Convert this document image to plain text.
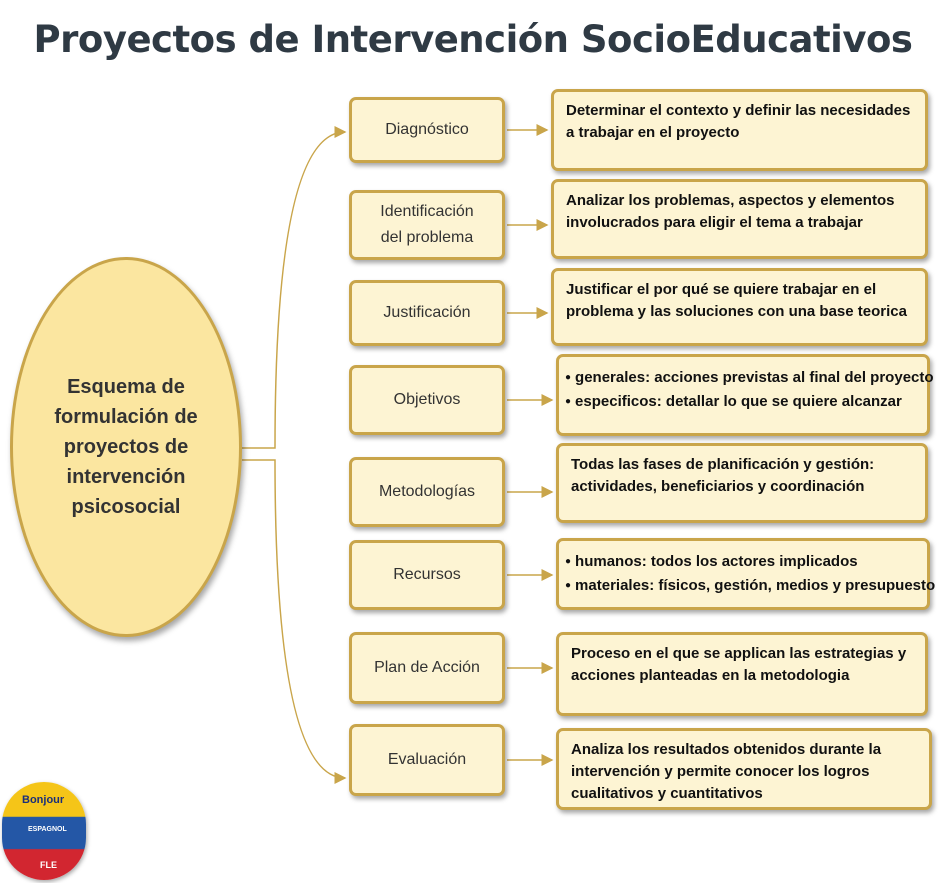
Proyectos de Intervención SocioEducativos
Esquema de
formulación de
proyectos de
intervención
psicosocial
Diagnóstico
Determinar el contexto y definir las necesidades
a trabajar en el proyecto
Identificación
del problema
Analizar los problemas, aspectos y elementos
involucrados para eligir el tema a trabajar
Justificación
Justificar el por qué se quiere trabajar en el
problema y las soluciones con una base teorica
Objetivos
● generales: acciones previstas al final del proyecto
● especificos: detallar lo que se quiere alcanzar
Metodologías
Todas las fases de planificación y gestión:
actividades, beneficiarios y coordinación
Recursos
● humanos: todos los actores implicados
● materiales: físicos, gestión, medios y presupuesto
Plan de Acción
Proceso en el que se applican las estrategias y
acciones planteadas en la metodologia
Evaluación
Analiza los resultados obtenidos durante la
intervención y permite conocer los logros
cualitativos y cuantitativos
Bonjour
ESPAGNOL
FLE
